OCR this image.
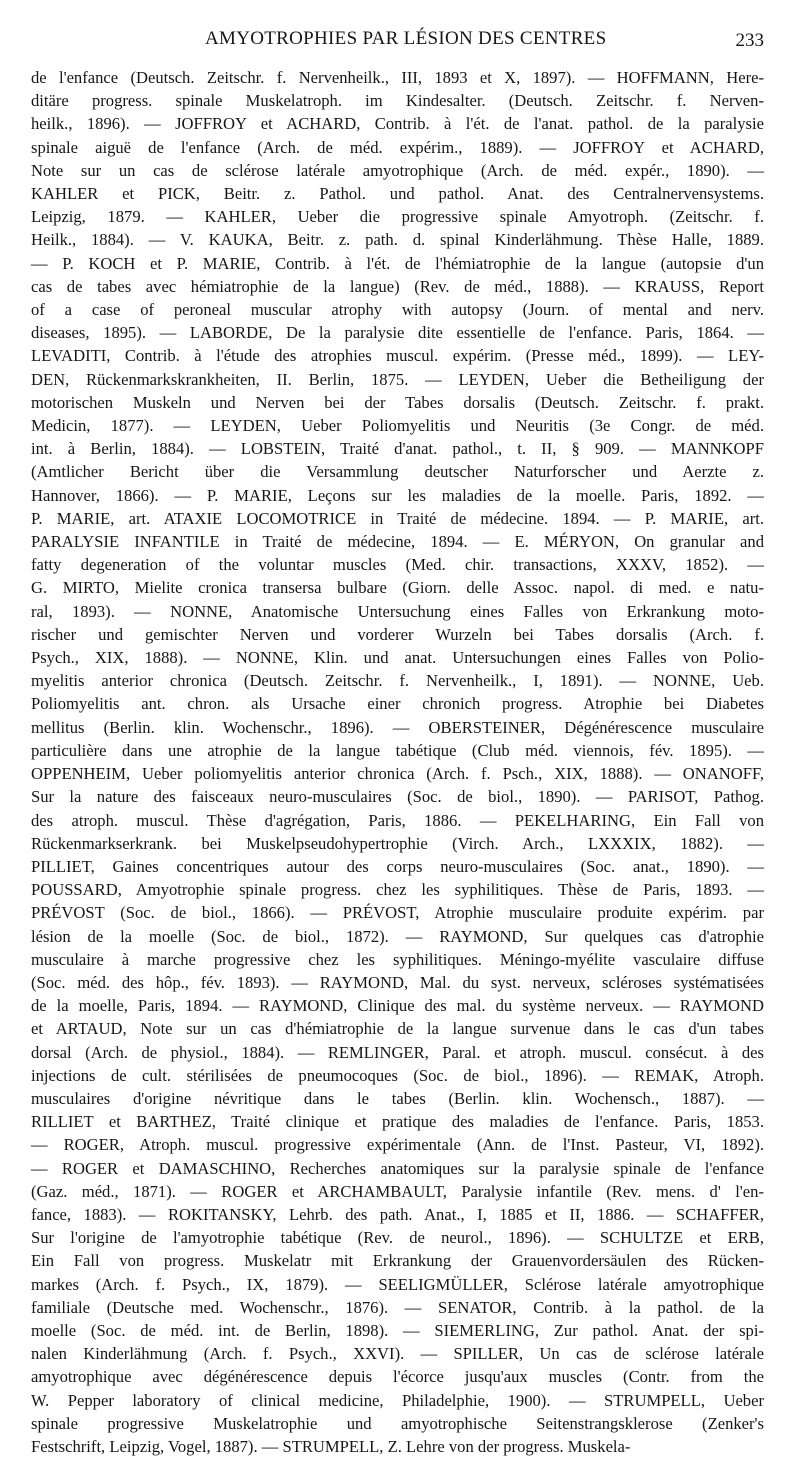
AMYOTROPHIES PAR LÉSION DES CENTRES	233
de l'enfance (Deutsch. Zeitschr. f. Nervenheilk., III, 1893 et X, 1897). — HOFFMANN, Here-
ditäre progress. spinale Muskelatroph. im Kindesalter. (Deutsch. Zeitschr. f. Nerven-
heilk., 1896). — JOFFROY et ACHARD, Contrib. à l'ét. de l'anat. pathol. de la paralysie
spinale aiguë de l'enfance (Arch. de méd. expérim., 1889). — JOFFROY et ACHARD,
Note sur un cas de sclérose latérale amyotrophique (Arch. de méd. expér., 1890). —
KAHLER et PICK, Beitr. z. Pathol. und pathol. Anat. des Centralnervensystems.
Leipzig, 1879. — KAHLER, Ueber die progressive spinale Amyotroph. (Zeitschr. f.
Heilk., 1884). — V. KAUKA, Beitr. z. path. d. spinal Kinderlähmung. Thèse Halle, 1889.
— P. KOCH et P. MARIE, Contrib. à l'ét. de l'hémiatrophie de la langue (autopsie d'un
cas de tabes avec hémiatrophie de la langue) (Rev. de méd., 1888). — KRAUSS, Report
of a case of peroneal muscular atrophy with autopsy (Journ. of mental and nerv.
diseases, 1895). — LABORDE, De la paralysie dite essentielle de l'enfance. Paris, 1864. —
LEVADITI, Contrib. à l'étude des atrophies muscul. expérim. (Presse méd., 1899). — LEY-
DEN, Rückenmarkskrankheiten, II. Berlin, 1875. — LEYDEN, Ueber die Betheiligung der
motorischen Muskeln und Nerven bei der Tabes dorsalis (Deutsch. Zeitschr. f. prakt.
Medicin, 1877). — LEYDEN, Ueber Poliomyelitis und Neuritis (3e Congr. de méd.
int. à Berlin, 1884). — LOBSTEIN, Traité d'anat. pathol., t. II, § 909. — MANNKOPF
(Amtlicher Bericht über die Versammlung deutscher Naturforscher und Aerzte z.
Hannover, 1866). — P. MARIE, Leçons sur les maladies de la moelle. Paris, 1892. —
P. MARIE, art. ATAXIE LOCOMOTRICE in Traité de médecine. 1894. — P. MARIE, art.
PARALYSIE INFANTILE in Traité de médecine, 1894. — E. MÉRYON, On granular and
fatty degeneration of the voluntar muscles (Med. chir. transactions, XXXV, 1852). —
G. MIRTO, Mielite cronica transersa bulbare (Giorn. delle Assoc. napol. di med. e natu-
ral, 1893). — NONNE, Anatomische Untersuchung eines Falles von Erkrankung moto-
rischer und gemischter Nerven und vorderer Wurzeln bei Tabes dorsalis (Arch. f.
Psych., XIX, 1888). — NONNE, Klin. und anat. Untersuchungen eines Falles von Polio-
myelitis anterior chronica (Deutsch. Zeitschr. f. Nervenheilk., I, 1891). — NONNE, Ueb.
Poliomyelitis ant. chron. als Ursache einer chronich progress. Atrophie bei Diabetes
mellitus (Berlin. klin. Wochenschr., 1896). — OBERSTEINER, Dégénérescence musculaire
particulière dans une atrophie de la langue tabétique (Club méd. viennois, fév. 1895). —
OPPENHEIM, Ueber poliomyelitis anterior chronica (Arch. f. Psch., XIX, 1888). — ONANOFF,
Sur la nature des faisceaux neuro-musculaires (Soc. de biol., 1890). — PARISOT, Pathog.
des atroph. muscul. Thèse d'agrégation, Paris, 1886. — PEKELHARING, Ein Fall von
Rückenmarkserkrank. bei Muskelpseudohypertrophie (Virch. Arch., LXXXIX, 1882). —
PILLIET, Gaines concentriques autour des corps neuro-musculaires (Soc. anat., 1890). —
POUSSARD, Amyotrophie spinale progress. chez les syphilitiques. Thèse de Paris, 1893. —
PRÉVOST (Soc. de biol., 1866). — PRÉVOST, Atrophie musculaire produite expérim. par
lésion de la moelle (Soc. de biol., 1872). — RAYMOND, Sur quelques cas d'atrophie
musculaire à marche progressive chez les syphilitiques. Méningo-myélite vasculaire diffuse
(Soc. méd. des hôp., fév. 1893). — RAYMOND, Mal. du syst. nerveux, scléroses systématisées
de la moelle, Paris, 1894. — RAYMOND, Clinique des mal. du système nerveux. — RAYMOND
et ARTAUD, Note sur un cas d'hémiatrophie de la langue survenue dans le cas d'un tabes
dorsal (Arch. de physiol., 1884). — REMLINGER, Paral. et atroph. muscul. consécut. à des
injections de cult. stérilisées de pneumocoques (Soc. de biol., 1896). — REMAK, Atroph.
musculaires d'origine névritique dans le tabes (Berlin. klin. Wochensch., 1887). —
RILLIET et BARTHEZ, Traité clinique et pratique des maladies de l'enfance. Paris, 1853.
— ROGER, Atroph. muscul. progressive expérimentale (Ann. de l'Inst. Pasteur, VI, 1892).
— ROGER et DAMASCHINO, Recherches anatomiques sur la paralysie spinale de l'enfance
(Gaz. méd., 1871). — ROGER et ARCHAMBAULT, Paralysie infantile (Rev. mens. d' l'en-
fance, 1883). — ROKITANSKY, Lehrb. des path. Anat., I, 1885 et II, 1886. — SCHAFFER,
Sur l'origine de l'amyotrophie tabétique (Rev. de neurol., 1896). — SCHULTZE et ERB,
Ein Fall von progress. Muskelatr mit Erkrankung der Grauenvordersäulen des Rücken-
markes (Arch. f. Psych., IX, 1879). — SEELIGMÜLLER, Sclérose latérale amyotrophique
familiale (Deutsche med. Wochenschr., 1876). — SENATOR, Contrib. à la pathol. de la
moelle (Soc. de méd. int. de Berlin, 1898). — SIEMERLING, Zur pathol. Anat. der spi-
nalen Kinderlähmung (Arch. f. Psych., XXVI). — SPILLER, Un cas de sclérose latérale
amyotrophique avec dégénérescence depuis l'écorce jusqu'aux muscles (Contr. from the
W. Pepper laboratory of clinical medicine, Philadelphie, 1900). — STRUMPELL, Ueber
spinale progressive Muskelatrophie und amyotrophische Seitenstrangsklerose (Zenker's
Festschrift, Leipzig, Vogel, 1887). — STRUMPELL, Z. Lehre von der progress. Muskela-
